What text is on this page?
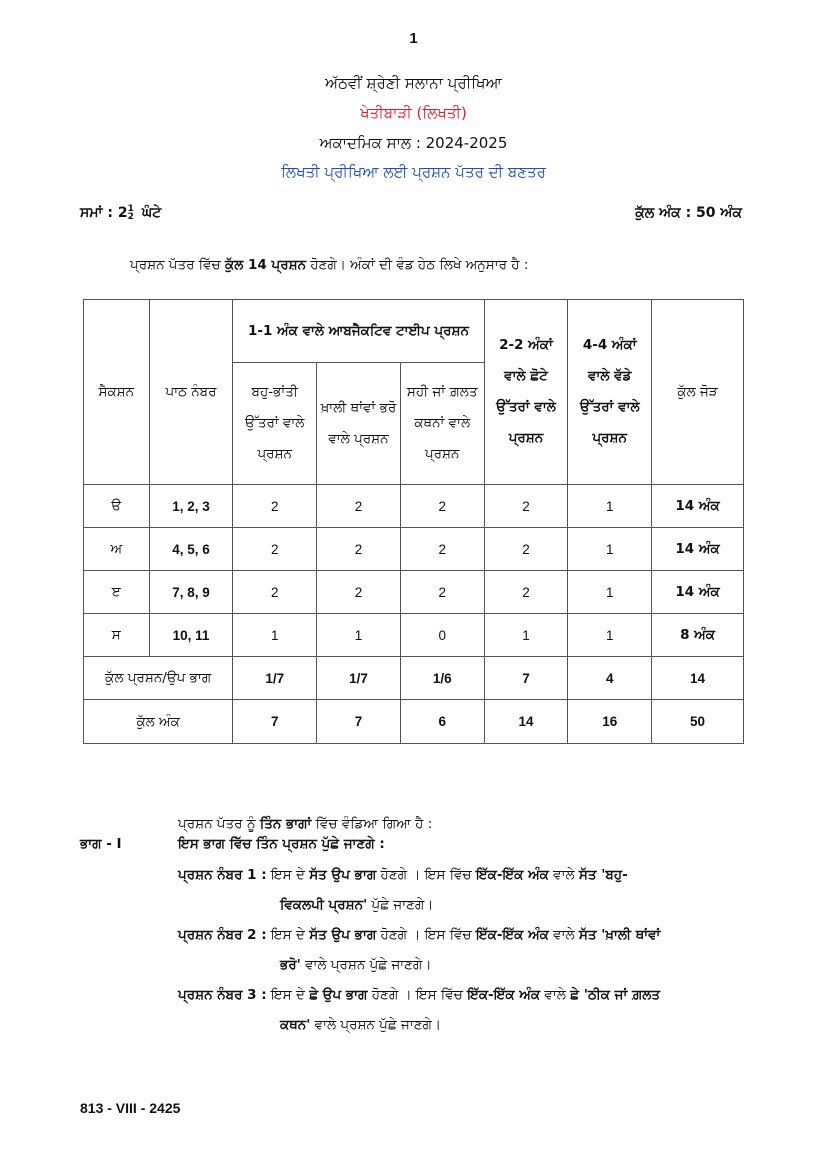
1
ਅੱਠਵੀਂ ਸ਼੍ਰੇਣੀ ਸਲਾਨਾ ਪ੍ਰੀਖਿਆ
ਖੇਤੀਬਾੜੀ (ਲਿਖਤੀ)
ਅਕਾਦਮਿਕ ਸਾਲ : 2024-2025
ਲਿਖਤੀ ਪ੍ਰੀਖਿਆ ਲਈ ਪ੍ਰਸ਼ਨ ਪੱਤਰ ਦੀ ਬਣਤਰ
ਸਮਾਂ : 2 1
2 ਘੰਟੇ	ਕੁੱਲ ਅੰਕ : 50 ਅੰਕ
ਪ੍ਰਸ਼ਨ ਪੱਤਰ ਵਿੱਚ ਕੁੱਲ 14 ਪ੍ਰਸ਼ਨ ਹੋਣਗੇ। ਅੰਕਾਂ ਦੀ ਵੰਡ ਹੇਠ ਲਿਖੇ ਅਨੁਸਾਰ ਹੈ :
ਸੈਕਸ਼ਨ	ਪਾਠ ਨੰਬਰ	1-1 ਅੰਕ ਵਾਲੇ ਆਬਜੈਕਟਿਵ ਟਾਈਪ ਪ੍ਰਸ਼ਨ			2-2 ਅੰਕਾਂ ਵਾਲੇ ਛੋਟੇ ਉੱਤਰਾਂ ਵਾਲੇ ਪ੍ਰਸ਼ਨ	4-4 ਅੰਕਾਂ ਵਾਲੇ ਵੱਡੇ ਉੱਤਰਾਂ ਵਾਲੇ ਪ੍ਰਸ਼ਨ	ਕੁੱਲ ਜੋੜ
		ਬਹੁ-ਭਾਂਤੀ ਉੱਤਰਾਂ ਵਾਲੇ ਪ੍ਰਸ਼ਨ	ਖ਼ਾਲੀ ਥਾਂਵਾਂ ਭਰੋ ਵਾਲੇ ਪ੍ਰਸ਼ਨ	ਸਹੀ ਜਾਂ ਗ਼ਲਤ ਕਥਨਾਂ ਵਾਲੇ ਪ੍ਰਸ਼ਨ			
ੳ	1, 2, 3	2	2	2	2	1	14 ਅੰਕ
ਅ	4, 5, 6	2	2	2	2	1	14 ਅੰਕ
ੲ	7, 8, 9	2	2	2	2	1	14 ਅੰਕ
ਸ	10, 11	1	1	0	1	1	8 ਅੰਕ
ਕੁੱਲ ਪ੍ਰਸ਼ਨ/ਉਪ ਭਾਗ		1/7	1/7	1/6	7	4	14
ਕੁੱਲ ਅੰਕ		7	7	6	14	16	50
ਪ੍ਰਸ਼ਨ ਪੱਤਰ ਨੂੰ ਤਿੰਨ ਭਾਗਾਂ ਵਿੱਚ ਵੰਡਿਆ ਗਿਆ ਹੈ :
ਭਾਗ - I	ਇਸ ਭਾਗ ਵਿੱਚ ਤਿੰਨ ਪ੍ਰਸ਼ਨ ਪੁੱਛੇ ਜਾਣਗੇ :
ਪ੍ਰਸ਼ਨ ਨੰਬਰ 1 : ਇਸ ਦੇ ਸੱਤ ਉਪ ਭਾਗ ਹੋਣਗੇ । ਇਸ ਵਿੱਚ ਇੱਕ-ਇੱਕ ਅੰਕ ਵਾਲੇ ਸੱਤ 'ਬਹੁ-
ਵਿਕਲਪੀ ਪ੍ਰਸ਼ਨ' ਪੁੱਛੇ ਜਾਣਗੇ।
ਪ੍ਰਸ਼ਨ ਨੰਬਰ 2 : ਇਸ ਦੇ ਸੱਤ ਉਪ ਭਾਗ ਹੋਣਗੇ । ਇਸ ਵਿੱਚ ਇੱਕ-ਇੱਕ ਅੰਕ ਵਾਲੇ ਸੱਤ 'ਖ਼ਾਲੀ ਥਾਂਵਾਂ
ਭਰੋ' ਵਾਲੇ ਪ੍ਰਸ਼ਨ ਪੁੱਛੇ ਜਾਣਗੇ।
ਪ੍ਰਸ਼ਨ ਨੰਬਰ 3 : ਇਸ ਦੇ ਛੇ ਉਪ ਭਾਗ ਹੋਣਗੇ । ਇਸ ਵਿੱਚ ਇੱਕ-ਇੱਕ ਅੰਕ ਵਾਲੇ ਛੇ 'ਠੀਕ ਜਾਂ ਗ਼ਲਤ
ਕਥਨ' ਵਾਲੇ ਪ੍ਰਸ਼ਨ ਪੁੱਛੇ ਜਾਣਗੇ।
813 - VIII - 2425
